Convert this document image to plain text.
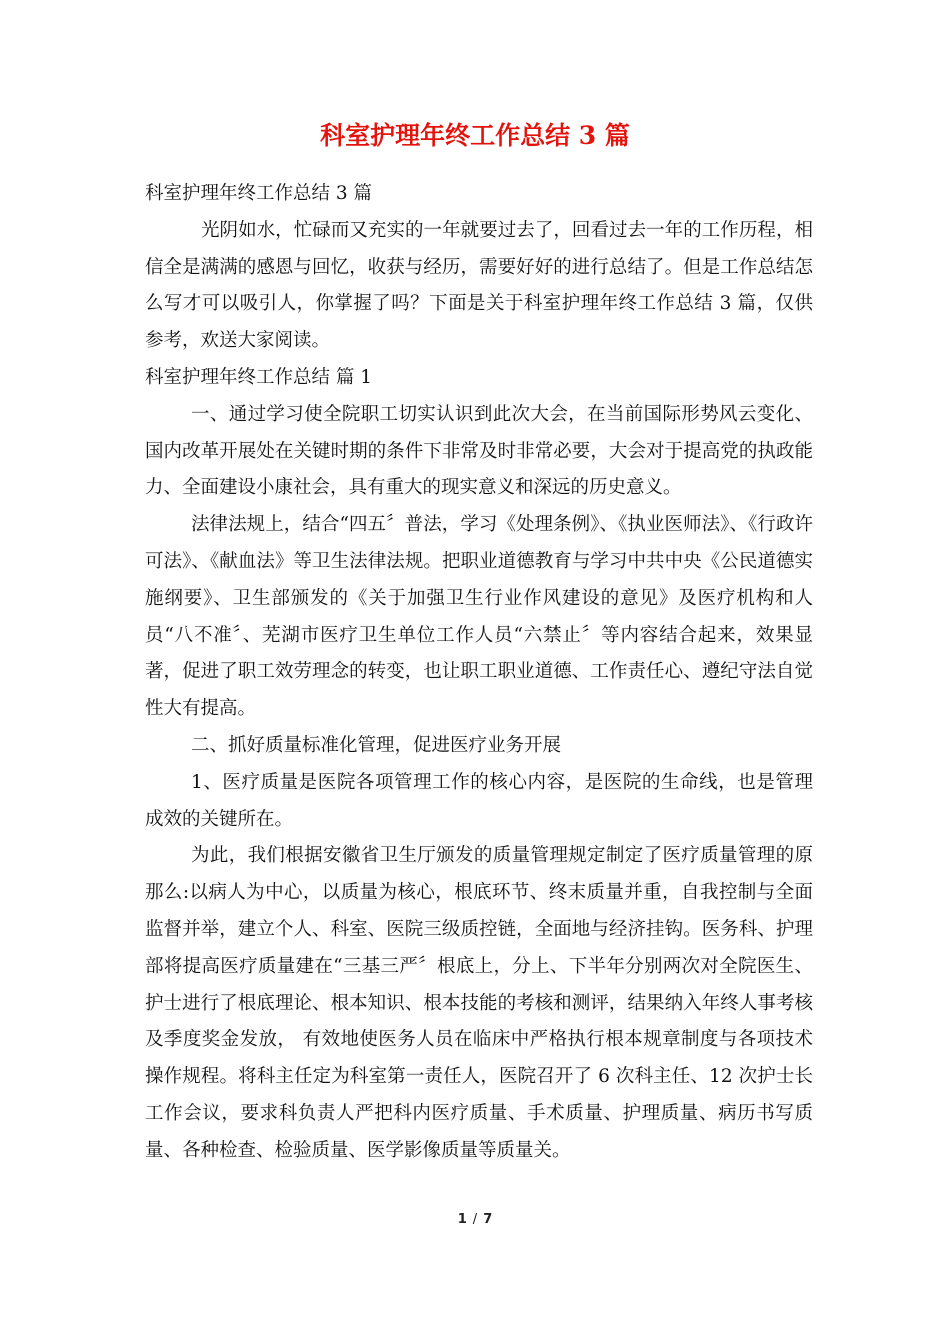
科室护理年终工作总结 3 篇

科室护理年终工作总结 3 篇

光阴如水，忙碌而又充实的一年就要过去了，回看过去一年的工作历程，相信全是满满的感恩与回忆，收获与经历，需要好好的进行总结了。但是工作总结怎么写才可以吸引人，你掌握了吗？下面是关于科室护理年终工作总结 3 篇，仅供参考，欢送大家阅读。

科室护理年终工作总结 篇 1

一、通过学习使全院职工切实认识到此次大会，在当前国际形势风云变化、国内改革开展处在关键时期的条件下非常及时非常必要，大会对于提高党的执政能力、全面建设小康社会，具有重大的现实意义和深远的历史意义。

法律法规上，结合“四五〞普法，学习《处理条例》、《执业医师法》、《行政许可法》、《献血法》等卫生法律法规。把职业道德教育与学习中共中央《公民道德实施纲要》、卫生部颁发的《关于加强卫生行业作风建设的意见》及医疗机构和人员“八不准〞、芜湖市医疗卫生单位工作人员“六禁止〞等内容结合起来，效果显著，促进了职工效劳理念的转变，也让职工职业道德、工作责任心、遵纪守法自觉性大有提高。

二、抓好质量标准化管理，促进医疗业务开展

1、医疗质量是医院各项管理工作的核心内容，是医院的生命线，也是管理成效的关键所在。

为此，我们根据安徽省卫生厅颁发的质量管理规定制定了医疗质量管理的原那么:以病人为中心，以质量为核心，根底环节、终末质量并重，自我控制与全面监督并举，建立个人、科室、医院三级质控链，全面地与经济挂钩。医务科、护理部将提高医疗质量建在“三基三严〞根底上，分上、下半年分别两次对全院医生、护士进行了根底理论、根本知识、根本技能的考核和测评，结果纳入年终人事考核及季度奖金发放， 有效地使医务人员在临床中严格执行根本规章制度与各项技术操作规程。将科主任定为科室第一责任人，医院召开了 6 次科主任、12 次护士长工作会议，要求科负责人严把科内医疗质量、手术质量、护理质量、病历书写质量、各种检查、检验质量、医学影像质量等质量关。

1 / 7
